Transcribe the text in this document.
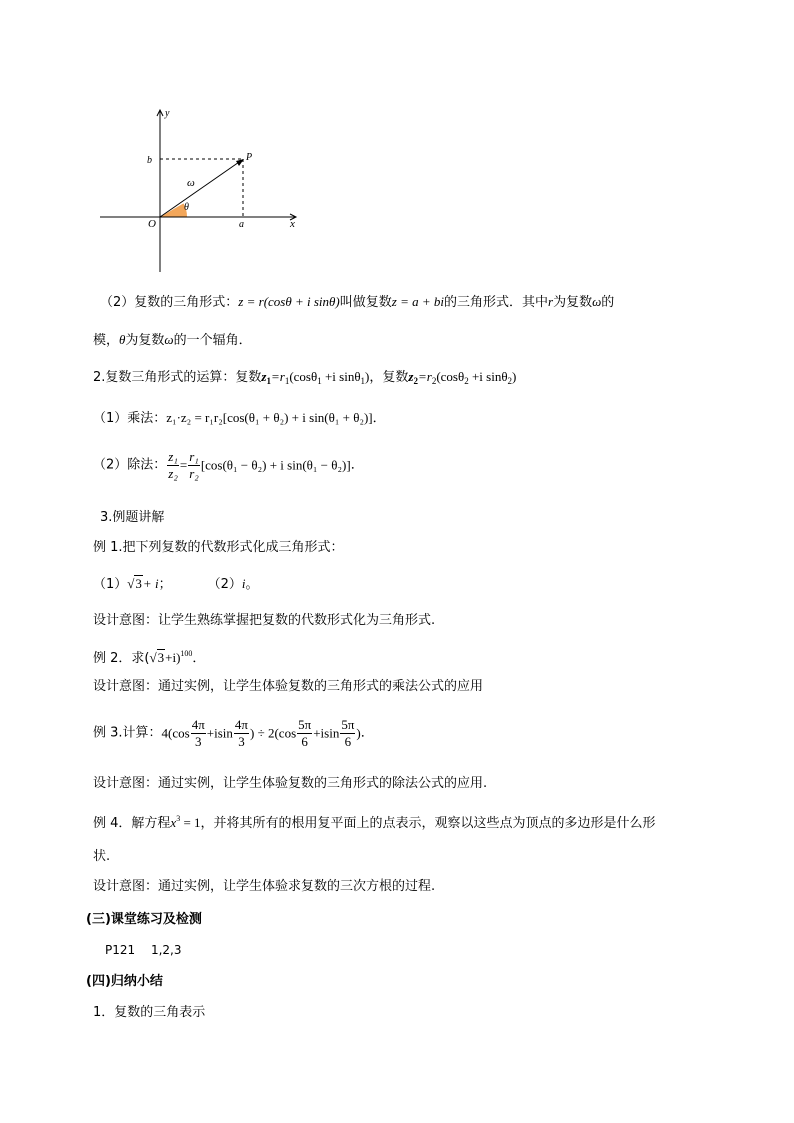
y
b	P
ω
θ
O	a	x
（2）复数的三角形式：z = r(cosθ + i sinθ)叫做复数z = a + bi的三角形式．其中r为复数ω的
模，θ为复数ω的一个辐角．
2.复数三角形式的运算：复数$z_1=r_1(\cos\theta_1 +i$ sinθ$_1$)，复数$z_2=r_2(\cos\theta_2 +i$ sinθ$_2$)
（1）乘法：z₁·z₂ = r₁r₂[cos(θ₁ + θ₂) + i sin(θ₁ + θ₂)]．
（2）除法： $\frac{\text{z₁}}{\text{z₂}} = \frac{\text{r₁}}{\text{r₂}} [\cos(\theta_1 - \theta_2) + i$ sin(θ₁ − θ₂)]．
3.例题讲解
例 1.把下列复数的代数形式化成三角形式：
（1）√3+ i；	（2）i。
设计意图：让学生熟练掌握把复数的代数形式化为三角形式.
例 2．求$(√3+i)^{100}$．
设计意图：通过实例，让学生体验复数的三角形式的乘法公式的应用
例 3.计算：$4(\cos \frac{4\pi}{3} +isin \frac{4\pi}{3}$ ) ÷ $2(\cos \frac{5\pi}{6} +isin \frac{5\pi}{6}$ )．
设计意图：通过实例，让学生体验复数的三角形式的除法公式的应用.
例 4．解方程$x^3 = 1$，并将其所有的根用复平面上的点表示，观察以这些点为顶点的多边形是什么形
状.
设计意图：通过实例，让学生体验求复数的三次方根的过程.
(三)课堂练习及检测
P121　 1,2,3
(四)归纳小结
1．复数的三角表示
